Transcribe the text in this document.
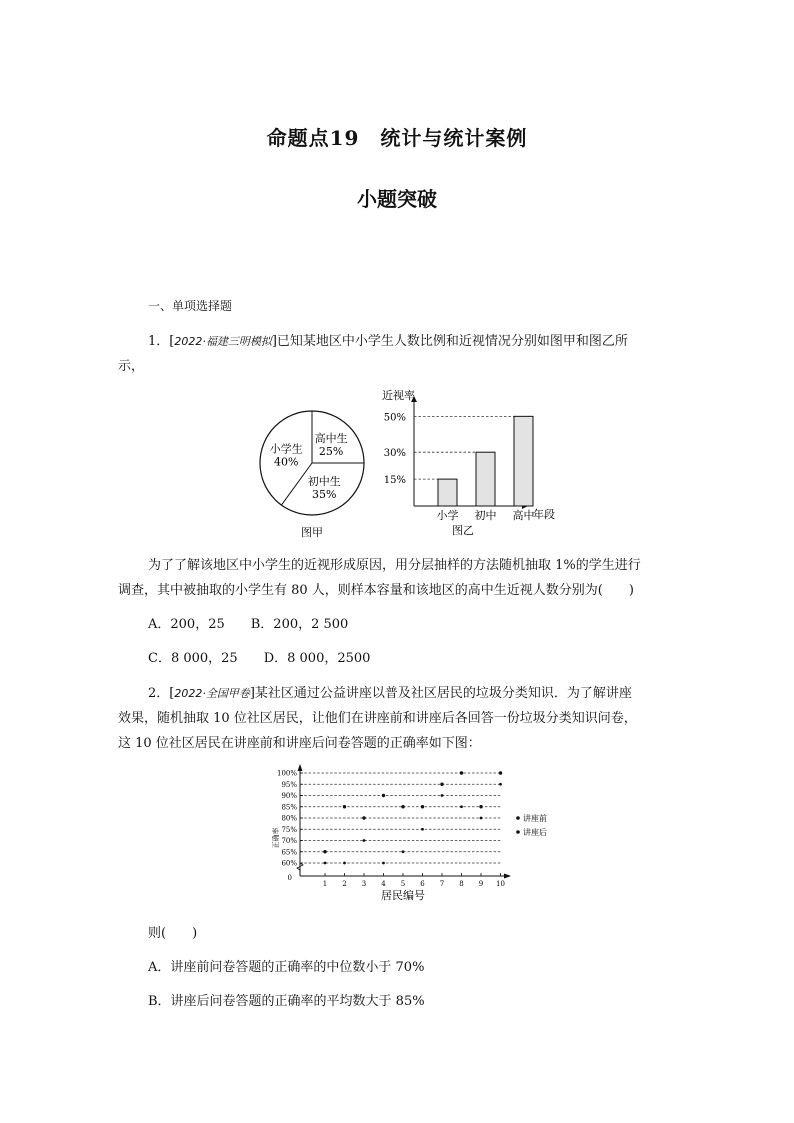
命题点19　统计与统计案例
小题突破
一、单项选择题
1．[2022·福建三明模拟]已知某地区中小学生人数比例和近视情况分别如图甲和图乙所
示，
小学生
40%
高中生
25%
初中生
35%
图甲
15%
小学
30%
初中
50%
高中
近视率
年段
图乙
为了了解该地区中小学生的近视形成原因，用分层抽样的方法随机抽取 1%的学生进行
调查，其中被抽取的小学生有 80 人，则样本容量和该地区的高中生近视人数分别为(　　)
A．200，25　　B．200，2 500
C．8 000，25　　D．8 000，2500
2．[2022·全国甲卷]某社区通过公益讲座以普及社区居民的垃圾分类知识．为了解讲座
效果，随机抽取 10 位社区居民，让他们在讲座前和讲座后各回答一份垃圾分类知识问卷，
这 10 位社区居民在讲座前和讲座后问卷答题的正确率如下图：
0
60%
65%
70%
75%
80%
85%
90%
95%
100%
1 2 3 4 5 6 7 8 9 10
正确率
居民编号
讲座前
讲座后
则(　　)
A．讲座前问卷答题的正确率的中位数小于 70%
B．讲座后问卷答题的正确率的平均数大于 85%
